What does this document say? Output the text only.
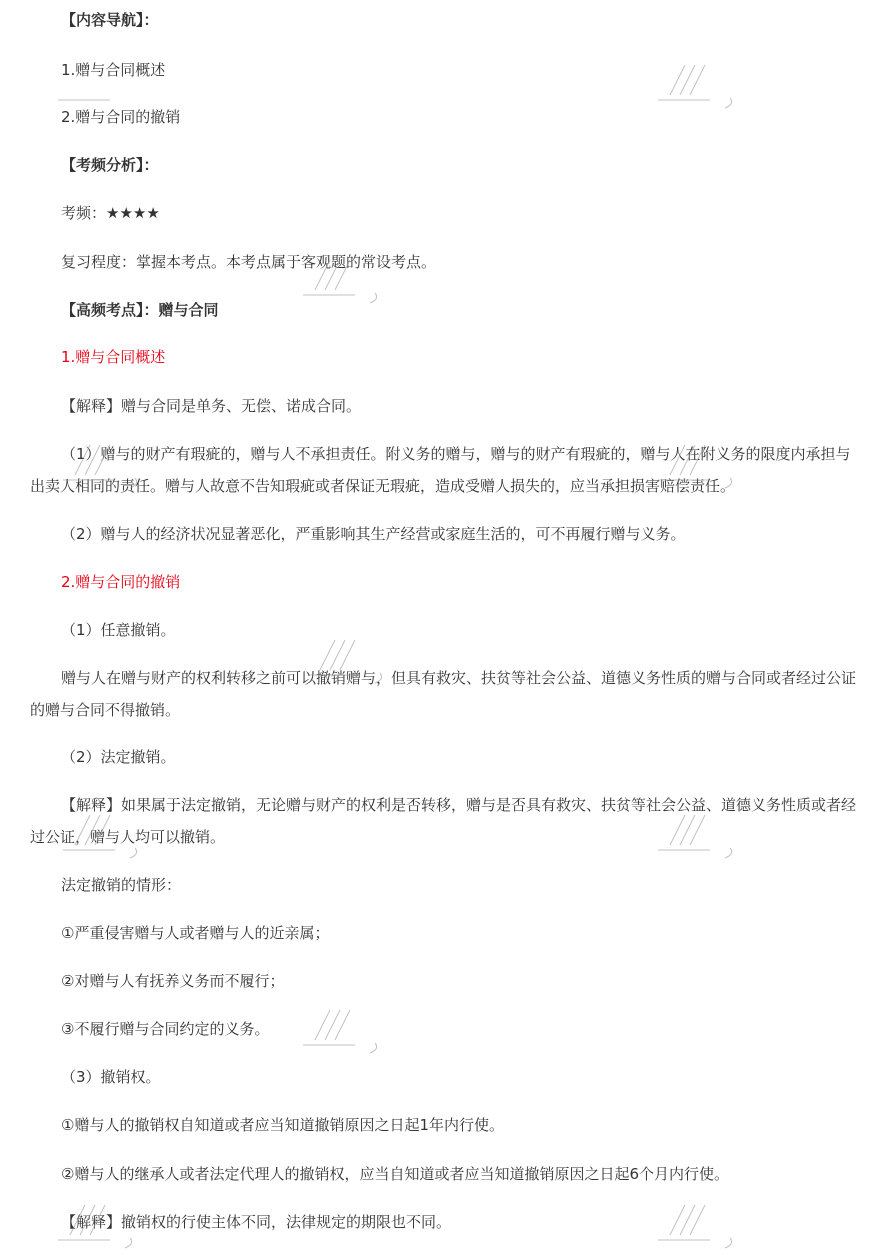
【内容导航】：
1.赠与合同概述
2.赠与合同的撤销
【考频分析】：
考频：★★★★
复习程度：掌握本考点。本考点属于客观题的常设考点。
【高频考点】：赠与合同
1.赠与合同概述
【解释】赠与合同是单务、无偿、诺成合同。
（1）赠与的财产有瑕疵的，赠与人不承担责任。附义务的赠与，赠与的财产有瑕疵的，赠与人在附义务的限度内承担与出卖人相同的责任。赠与人故意不告知瑕疵或者保证无瑕疵，造成受赠人损失的，应当承担损害赔偿责任。
（2）赠与人的经济状况显著恶化，严重影响其生产经营或家庭生活的，可不再履行赠与义务。
2.赠与合同的撤销
（1）任意撤销。
赠与人在赠与财产的权利转移之前可以撤销赠与，但具有救灾、扶贫等社会公益、道德义务性质的赠与合同或者经过公证的赠与合同不得撤销。
（2）法定撤销。
【解释】如果属于法定撤销，无论赠与财产的权利是否转移，赠与是否具有救灾、扶贫等社会公益、道德义务性质或者经过公证，赠与人均可以撤销。
法定撤销的情形：
①严重侵害赠与人或者赠与人的近亲属；
②对赠与人有抚养义务而不履行；
③不履行赠与合同约定的义务。
（3）撤销权。
①赠与人的撤销权自知道或者应当知道撤销原因之日起1年内行使。
②赠与人的继承人或者法定代理人的撤销权，应当自知道或者应当知道撤销原因之日起6个月内行使。
【解释】撤销权的行使主体不同，法律规定的期限也不同。
